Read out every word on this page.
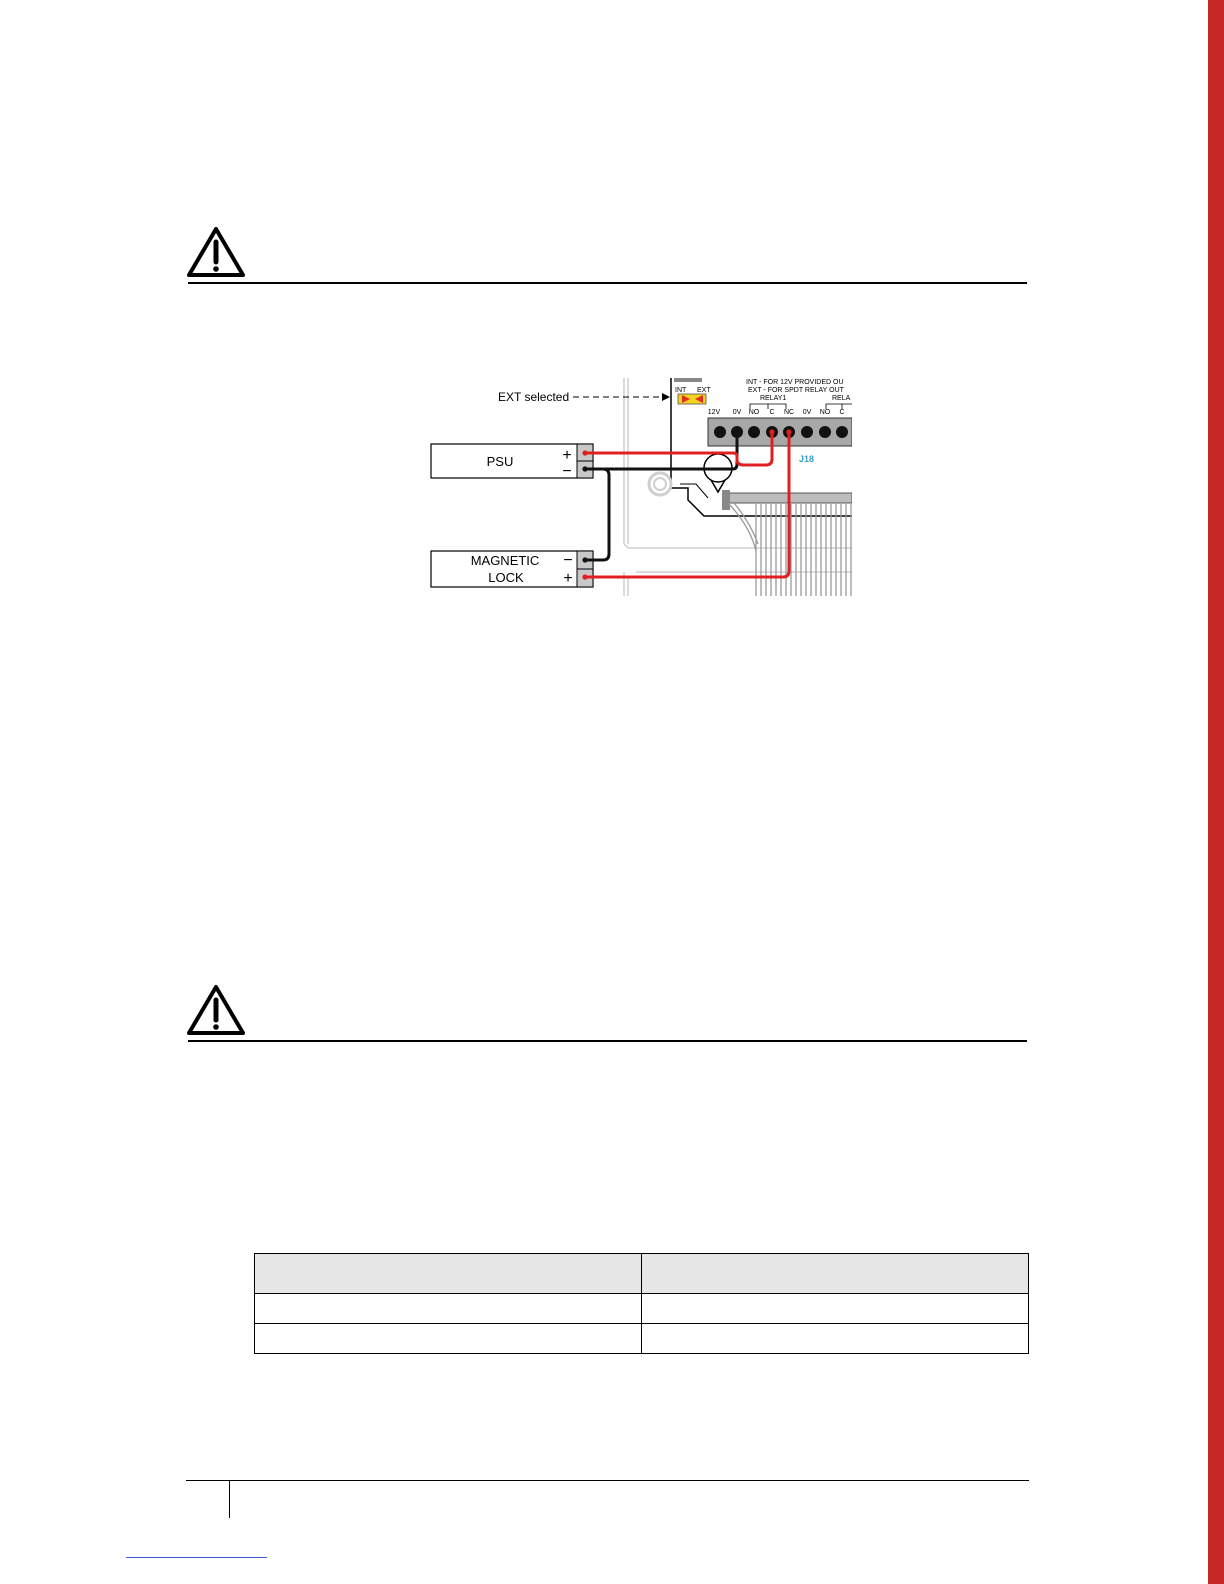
INT EXT
EXT selected
INT - FOR 12V PROVIDED OU
EXT - FOR SPDT RELAY OUT
RELAY1	RELA
12V 0V NO C NC 0V NO C
J18
PSU	+
−
MAGNETIC
LOCK
−
+
